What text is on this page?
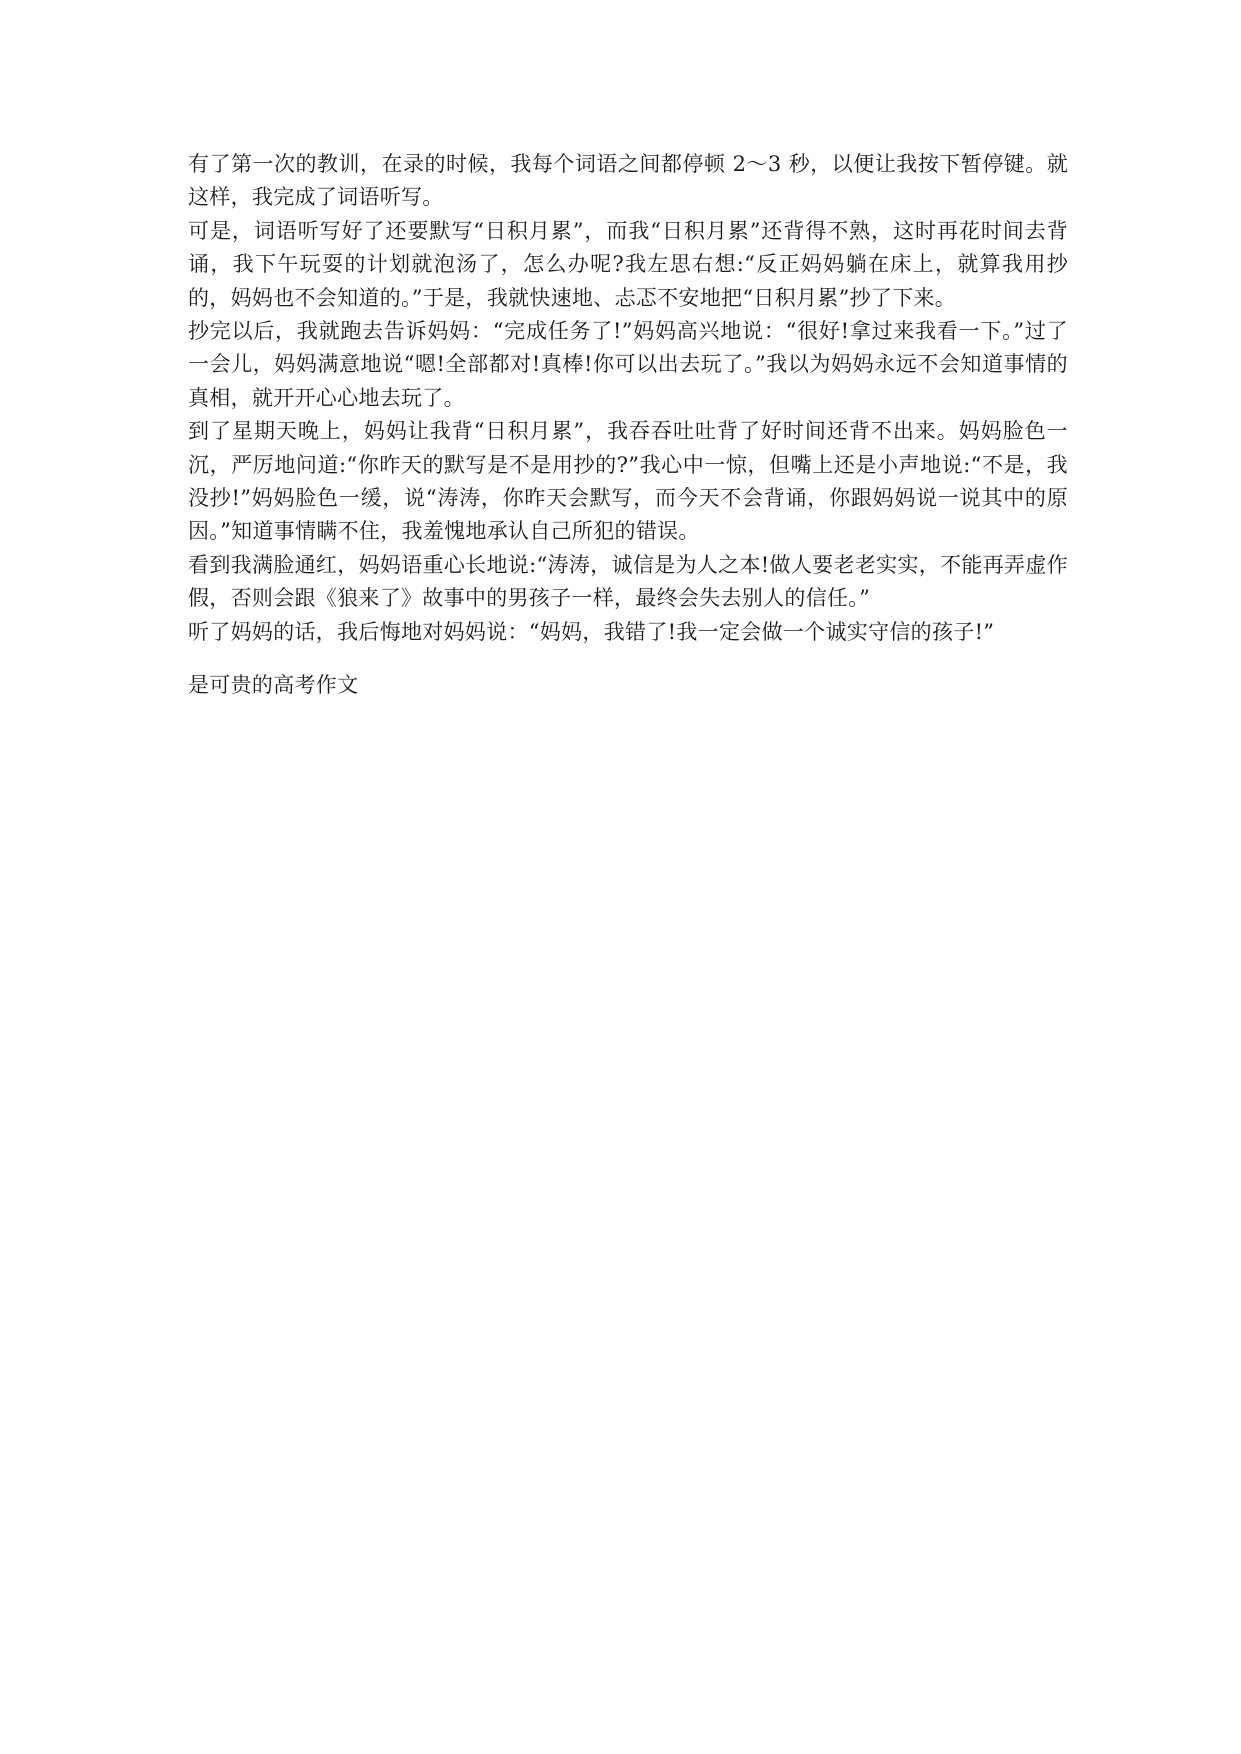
有了第一次的教训，在录的时候，我每个词语之间都停顿 2～3 秒，以便让我按下暂停键。就这样，我完成了词语听写。

可是，词语听写好了还要默写“日积月累”，而我“日积月累”还背得不熟，这时再花时间去背诵，我下午玩耍的计划就泡汤了，怎么办呢?我左思右想:“反正妈妈躺在床上，就算我用抄的，妈妈也不会知道的。”于是，我就快速地、忐忑不安地把“日积月累”抄了下来。

抄完以后，我就跑去告诉妈妈：“完成任务了!”妈妈高兴地说：“很好!拿过来我看一下。”过了一会儿，妈妈满意地说“嗯!全部都对!真棒!你可以出去玩了。”我以为妈妈永远不会知道事情的真相，就开开心心地去玩了。

到了星期天晚上，妈妈让我背“日积月累”，我吞吞吐吐背了好时间还背不出来。妈妈脸色一沉，严厉地问道:“你昨天的默写是不是用抄的?”我心中一惊，但嘴上还是小声地说:“不是，我没抄!”妈妈脸色一缓，说“涛涛，你昨天会默写，而今天不会背诵，你跟妈妈说一说其中的原因。”知道事情瞒不住，我羞愧地承认自己所犯的错误。

看到我满脸通红，妈妈语重心长地说:“涛涛，诚信是为人之本!做人要老老实实，不能再弄虚作假，否则会跟《狼来了》故事中的男孩子一样，最终会失去别人的信任。”

听了妈妈的话，我后悔地对妈妈说：“妈妈，我错了!我一定会做一个诚实守信的孩子!”

是可贵的高考作文
